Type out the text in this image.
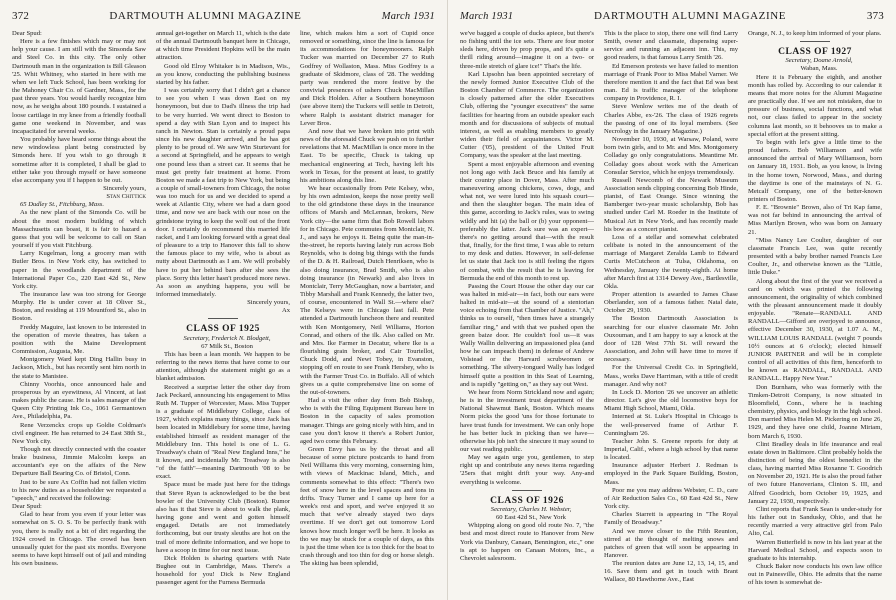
372	DARTMOUTH ALUMNI MAGAZINE	March 1931

Dear Spud:

Here is a few finishes which may or may not help your cause. I am still with the Sinsonda Saw and Steel Co. in this city. The only other Dartmouth man in the organization is Bill Gleason '25. Whit Whitney, who started in here with me when we left Tuck School, has been working for the Mahoney Chair Co. of Gardner, Mass., for the past three years. You would hardly recognize him now, as he weighs about 180 pounds. I sustained a loose cartilage in my knee from a friendly football game one weekend in November, and was incapacitated for several weeks.

You probably have heard some things about the new windowless plant being constructed by Simonds here. If you wish to go through it sometime after it is completed, I shall be glad to either take you through myself or have someone else accompany you if I happen to be out.

Sincerely yours,

Stan Chittick

65 Dudley St., Fitchburg, Mass.

As the new plant of the Simonds Co. will be about the most modern building of which Massachusetts can boast, it is fair to hazard a guess that you will be welcome to call on Stan yourself if you visit Fitchburg.

Larry Kugelman, long a grocery man with Butler Bros. in New York city, has switched to paper in the woodlands department of the International Paper Co., 220 East 42d St., New York city.

The insurance law was too strong for George Murphy. He is under cover at 18 Oliver St., Boston, and residing at 119 Mountford St., also in Boston.

Freddy Maguire, last known to be interested in the operation of movie theatres, has taken a position with the Maine Development Commission, Augusta, Me.

Montgomery Ward kept Ding Hallin busy in Jackson, Mich., but has recently sent him north in the state to Manistee.

Chinny Voorhis, once announced hale and prosperous by an eyewitness, Al Vincent, at last makes public the cause. He is sales manager of the Queen City Printing Ink Co., 1061 Germantown Ave., Philadelphia, Pa.

Rene Verzenckx crops up Goldie Coldman's civil engineer. He has returned to 24 East 38th St., New York city.

Though not directly connected with the coaster brake business, Jimmie Malcolm keeps an accountant's eye on the affairs of the New Departure Ball Bearing Co. of Bristol, Conn.

Just to be sure Ax Coffin had not fallen victim to his new duties as a householder we requested a "speech," and received the following:

Dear Spud:

Glad to hear from you even if your letter was somewhat on S. O. S. To be perfectly frank with you, there is really not a bit of dirt regarding the 1924 crowd in Chicago. The crowd has been unusually quiet for the past six months. Everyone seems to have kept himself out of jail and minding his own business.

annual get-together on March 11, which is the date of the annual Dartmouth banquet here in Chicago, at which time President Hopkins will be the main attraction.

Good old Elroy Whitaker is in Madison, Wis., as you know, conducting the publishing business started by his father.

I was certainly sorry that I didn't get a chance to see you when I was down East on my honeymoon, but due to Dad's illness the trip had to be very hurried. We went direct to Boston to spend a day with Stan Lyon and to inspect his ranch in Newton. Stan is certainly a proud papa since his new daughter arrived, and he has got plenty to be proud of. We saw Win Sturtevant for a second at Springfield, and he appears to weigh one pound less than a street car. It seems that he must get pretty fair treatment at home. From Boston we made a fast trip to New York, but being a couple of small-towners from Chicago, the noise was too much for us and we decided to spend a week at Atlantic City, where we had a darn good time, and now we are back with our nose on the grindstone trying to keep the wolf out of the front door. I certainly do recommend this married life racket, and I am looking forward with a great deal of pleasure to a trip to Hanover this fall to show the famous place to my wife, who is about as nutty about Dartmouth as I am. We will probably have to put her behind bars after she sees the place. Sorry this letter hasn't produced more news. As soon as anything happens, you will be informed immediately.

Sincerely yours,

Ax

CLASS OF 1925

Secretary, Frederick N. Blodgett,

67 Milk St., Boston

This has been a lean month. We happen to be referring to the news items that have come to our attention, although the statement might go as a blanket admission.

Received a surprise letter the other day from Jack Peckard, announcing his engagement to Miss Ruth M. Tupper of Worcester, Mass. Miss Tupper is a graduate of Middlebury College, class of 1927, which explains many things, since Jack has been located in Middlebury for some time, having established himself as resident manager of the Middlebury Inn. This hotel is one of L. G. Treadway's chain of "Real New England Inns," he it known, and incidentally Mr. Treadway is also "of the faith"—meaning Dartmouth '08 to be exact.

Space must be made just here for the tidings that Steve Ryan is acknowledged to be the best bowler of the University Club (Boston). Rumor also has it that Steve is about to walk the plank, having gone and went and gotten himself engaged. Details are not immediately forthcoming, but our trusty sleuths are hot on the trail of more definite information, and we hope to have a scoop in time for our next issue.

Dick Holden is sharing quarters with Nate Bughee out in Cambridge, Mass. There's a household for you! Dick is New England passenger agent for the Furness Bermuda

line, which makes him a sort of Cupid once removed or something, since the line is famous for its accommodations for honeymooners. Ralph Tucker was married on December 27 to Ruth Godfrey of Wollaston, Mass. Miss Godfrey is a graduate of Skidmore, class of '28. The wedding party was rendered the more festive by the convivial presences of ushers Chuck MacMillan and Dick Holden. After a Southern honeymoon (see above item) the Tuckers will settle in Detroit, where Ralph is assistant district manager for Lever Bros.

And now that we have broken into print with news of the aforesaid Chuck we push on to further revelations that M. MacMillan is once more in the East. To be specific, Chuck is taking up mechanical engineering at Tech, having left his work in Texas, for the present at least, to gratify his ambitions along this line.

We hear occasionally from Pete Kelsey, who, by his own admission, keeps the nose pretty well to the old grindstone these days in the insurance offices of Marsh and McLennan, brokers, New York city—the same firm that Bob Rowell labors for in Chicago. Pete commutes from Montclair, N. J., and says he enjoys it. Being quite the man-in-the-street, he reports having lately run across Bob Reynolds, who is doing big things with the funds of the D. & H. Railroad, Dutch Henriksen, who is also doing insurance, Brad Smith, who is also doing insurance (in Newark) and also lives in Montclair, Terry McGaughan, now a barrister, and Tibby Marshall and Frank Kennedy, the latter two, of course, encountered in Wall St.—where else? The Kelseys were in Chicago last fall. Pete attended a Dartmouth luncheon there and reunited with Ken Montgomery, Neil Williams, Horton Conrad, and others of the ilk. Also called on Mr. and Mrs. Ike Farmer in Decatur, where Ike is a flourishing grain broker, and Cair Tourtellot, Chuck Dodd, and Newt Tobey, in Evanston, stopping off en route to see Frank Hershey, who is with the Farmer Trust Co. in Buffalo. All of which gives us a quite comprehensive line on some of the out-of-towners.

Had a visit the other day from Bob Bishop, who is with the Filing Equipment Bureau here in Boston in the capacity of sales promotion manager. Things are going nicely with him, and in case you don't know it there's a Robert Junior, aged two come this February.

Green Envy has us by the throat and all because of some picture postcards to hand from Neil Williams this very morning, conserning him, with views of Mackinac Island, Mich., and comments somewhat to this effect: "There's two feet of snow here in the level spaces and tons in drifts. Tracy Turner and I came up here for a week's rest and sport, and we've enjoyed it so much that we've already stayed two days overtime. If we don't get out tomorrow Lord knows how much longer we'll be here. It looks as tho we may be stuck for a couple of days, as this is just the time when ice is too thick for the boat to crash through and too thin for dog or horse sleigh. The skiing has been splendid,

March 1931	DARTMOUTH ALUMNI MAGAZINE	373

we've bagged a couple of ducks apiece, but there's no fishing until the ice sets. There are four motor sleds here, driven by prop props, and it's quite a thrill riding around—imagine it on a two- or three-mile stretch of glare ice!" That's the life.

Karl Lipsohn has been appointed secretary of the newly formed Junior Executive Club of the Boston Chamber of Commerce. The organization is closely patterned after the older Executives Club, offering the "younger executives" the same facilities for hearing from an outside speaker each month and for discussions of subjects of mutual interest, as well as enabling members to greatly widen their field of acquaintances. Victor M. Cutter ('05), president of the United Fruit Company, was the speaker at the last meeting.

Spent a most enjoyable afternoon and evening not long ago with Jack Bruce and his family at their country place in Dover, Mass. After much maneuvering among chickens, cows, dogs, and what not, we were lured into his squash court—and then the slaughter began. The main idea of this game, according to Jack's rules, was to swing wildly and hit (a) the ball or (b) your opponent—preferably the latter. Jack sure was an expert—there's no getting around that—with the result that, finally, for the first time, I was able to return to my desk and duties. However, in self-defense let us state that Jack too is still feeling the rigors of combat, with the result that he is leaving for Bermuda the end of this month to rest up.

Passing the Court House the other day our car was halted in mid-air—in fact, both our ears were halted in mid-air—at the sound of a stentorian voice echoing from that Chamber of Justice. "Ah," thinks us to ourself, "then times have a strangely familiar ring," and with that we pushed open the green baize door. He couldn't fool us—it was Wally Wallin delivering an impassioned plea (and how he can impeach them) in defense of Andrew Volstead or the Harvard scrubwomen or something. The silvery-tongued Wally has lodged himself quite a position in this Seat of Learning, and is rapidly "getting on," as they say out West.

We hear from Norm Strickland now and again; he is in the investment trust department of the National Shawmut Bank, Boston. Which means Norm picks the good 'uns for those fortunate to have trust funds for investment. We can only hope he has better luck in picking than we have—otherwise his job isn't the sinecure it may sound to our vast reading public.

May we again urge you, gentlemen, to step right up and contribute any news items regarding '25ers that might drift your way. Any-and everything is welcome.

CLASS OF 1926

Secretary, Charles H. Webster,

60 East 42d St., New York

Whipping along on good old route No. 7, "the best and most direct route to Hanover from New York via Danbury, Canaan, Bennington, etc.," one is apt to happen on Canaan Motors, Inc., a Chevrolet salesroom.

This is the place to stop, there one will find Larry Smith, owner and classmate, dispensing super-service and running an adjacent inn. This, my good readers, is that famous Larry Smith '26.

Ed Emerson protests we have failed to mention marriage of Frank Poor to Miss Mabel Varner. We therefore mention it and the fact that Ed was best man. Ed is traffic manager of the telephone company in Providence, R. I.

Steve Wenlow writes me of the death of Charles Abbe, ex-'26. The class of 1926 regrets the passing of one of its loyal members. (See Necrology in the January Magazine.)

November 10, 1930, at Warsaw, Poland, were born twin girls, and to Mr. and Mrs. Montgomery Colladay go only congratulations. Meantime Mr. Colladay goes about work with the American Consular Service, which he enjoys tremendously.

Russell Newcomb of the Newark Museum Association sends clipping concerning Bob Hinde, pianist, of East Orange. Since winning the Bamberger two-year music scholarship, Bob has studied under Carl M. Roeder in the Institute of Musical Art in New York, and has recently made his bow as a concert pianist.

Loss of a stellar and somewhat celebrated celibate is noted in the announcement of the marriage of Margaret Zeralda Lamb to Edward Curtis McCutcheon at Tulsa, Oklahoma, on Wednesday, January the twenty-eighth. At home after March first at 1314 Dewey Ave., Bartlesville, Okla.

Proper attention is awarded to James Chase Oberlander, son of a famous father. Natal date, October 29, 1930.

The Boston Dartmouth Association is searching for our elusive classmate Mr. John Ouxouman, and I am happy to say a knock at the door of 128 West 77th St. will reward the Association, and John will have time to move if necessary.

For the Universal Credit Co. in Springfield, Mass., works Dave Harriman, with a title of credit manager. And why not?

In Lock D. Morton '26 we uncover an athletic director. Let's give the old locomotive boys for Miami High School, Miami, Okla.

Interned at St. Luke's Hospital in Chicago is the well-preserved frame of Arthur F. Cunningham '26.

Teacher John S. Greene reports for duty at Imperial, Calif., where a high school by that name is located.

Insurance adjuster Herbert J. Redman is employed in the Park Square Building, Boston, Mass.

Poor me you may address Webster, C. D., care of Air Reduction Sales Co., 60 East 42d St., New York city.

Charles Starrett is appearing in "The Royal Family of Broadway."

And we move closer to the Fifth Reunion, stirred at the thought of melting snows and patches of green that will soon be appearing in Hanover.

The reunion dates are June 12, 13, 14, 15, and 16. Save them and get in touch with Brant Wallace, 80 Hawthorne Ave., East

Orange, N. J., to keep him informed of your plans.

CLASS OF 1927

Secretary, Doane Arnold,

Waban, Mass.

Here it is February the eighth, and another month has rolled by. According to our calendar it means that more notes for the Alumni Magazine are practically due. If we are not mistaken, due to pressure of business, social functions, and what not, our class failed to appear in the society columns last month, so it behooves us to make a special effort at the present sitting.

To begin with let's give a little time to the proud fathers. Bob Williamson and wife announced the arrival of Mary Williamson, born on January 18, 1931. Bob, as you know, is living in the home town, Norwood, Mass., and during the daytime is one of the mainstays of N. G. Metcalf Company, one of the better-known printers of Boston.

F. E. "Brownie" Brown, also of Tri Kap fame, was not far behind in announcing the arrival of Miss Marilyn Brown, who was born on January 21.

"Miss Nancy Lee Coulter, daughter of our classmate Francis Lee, was quite recently presented with a baby brother named Francis Lee Coulter, Jr., and otherwise known as the "Little, little Duke."

Along about the first of the year we received a card on which was printed the following announcement, the originality of which combined with the pleasant announcement made it doubly enjoyable. "Renate—RANDALL AND RANDALL—Gifford are overjoyed to announce, effective December 30, 1930, at 1.07 A. M., WILLIAM LOUIS RANDALL (weight 7 pounds 10½ ounces at 6 o'clock); elected himself JUNIOR PARTNER and will be in complete control of all activities of this firm, henceforth to be known as RANDALL, RANDALL AND RANDALL. Happy New Year."

Don Burnham, who was formerly with the Timken-Detroit Company, is now situated in Bloomfield, Conn., where he is teaching chemistry, physics, and biology in the high school. Don married Miss Helen M. Pickering on June 26, 1929, and they have one child, Joanne Miriam, born March 6, 1930.

Clint Bradley deals in life insurance and real estate down in Baltimore. Clint probably holds the distinction of being the oldest benedict in the class, having married Miss Roxanne T. Goodrich on November 20, 1921. He is also the proud father of two future Hanoverians, Clinton S. III, and Alfred Goodrich, born October 19, 1925, and January 22, 1930, respectively.

Clint reports that Frank Sean is under-study for his father out in Sandusky, Ohio, and that he recently married a very attractive girl from Palo Alto, Cal.

Warren Butterfield is now in his last year at the Harvard Medical School, and expects soon to graduate to his internship.

Chuck Baker now conducts his own law office out in Painesville, Ohio. He admits that the name of his town is somewhat de-
